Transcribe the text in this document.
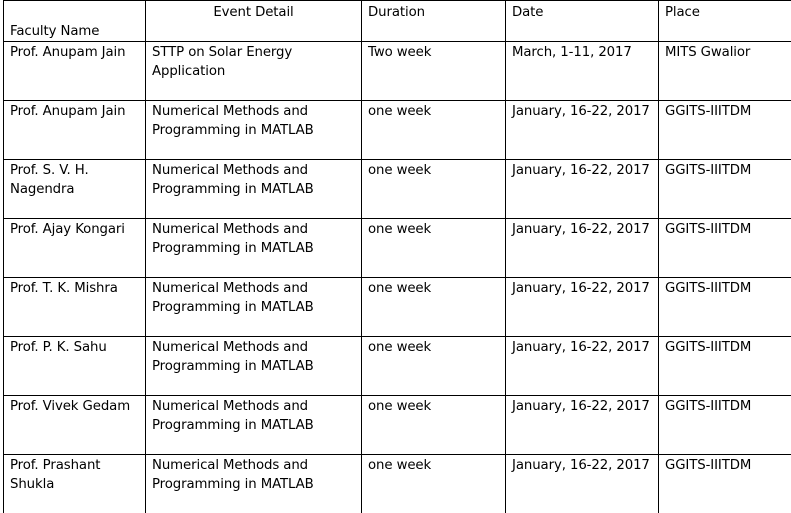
Faculty Name	Event Detail	Duration	Date	Place
Prof. Anupam Jain	STTP on Solar Energy Application	Two week	March, 1-11, 2017	MITS Gwalior
Prof. Anupam Jain	Numerical Methods and Programming in MATLAB	one week	January, 16-22, 2017	GGITS-IIITDM
Prof. S. V. H. Nagendra	Numerical Methods and Programming in MATLAB	one week	January, 16-22, 2017	GGITS-IIITDM
Prof. Ajay Kongari	Numerical Methods and Programming in MATLAB	one week	January, 16-22, 2017	GGITS-IIITDM
Prof. T. K. Mishra	Numerical Methods and Programming in MATLAB	one week	January, 16-22, 2017	GGITS-IIITDM
Prof. P. K. Sahu	Numerical Methods and Programming in MATLAB	one week	January, 16-22, 2017	GGITS-IIITDM
Prof. Vivek Gedam	Numerical Methods and Programming in MATLAB	one week	January, 16-22, 2017	GGITS-IIITDM
Prof. Prashant Shukla	Numerical Methods and Programming in MATLAB	one week	January, 16-22, 2017	GGITS-IIITDM
